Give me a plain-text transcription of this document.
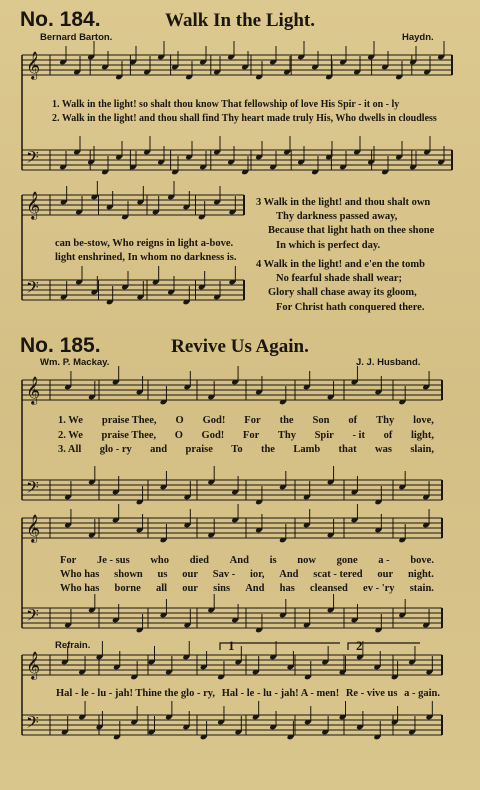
𝄞
𝄢
𝄞
𝄢
𝄞
𝄢
𝄞
𝄢
𝄞
𝄢
No. 184.	Walk In the Light.
Bernard Barton.	Haydn.
1. Walk in the light! so shalt thou know That fellowship of love His Spir - it on - ly
2. Walk in the light! and thou shall find Thy heart made truly His, Who dwells in cloudless
can be-stow, Who reigns in light a-bove.
light enshrined, In whom no darkness is.
3 Walk in the light! and thou shalt own
Thy darkness passed away,
Because that light hath on thee shone
In which is perfect day.
4 Walk in the light! and e'en the tomb
No fearful shade shall wear;
Glory shall chase away its gloom,
For Christ hath conquered there.
No. 185.	Revive Us Again.
Wm. P. Mackay.	J. J. Husband.
1. We praise Thee, O God! For the Son of Thy love,
2. We praise Thee, O God! For Thy Spir - it of light,
3. All glo - ry and praise To the Lamb that was slain,
For Je - sus who died And is now gone a - bove.
Who has shown us our Sav - ior, And scat - tered our night.
Who has borne all our sins And has cleansed ev - 'ry stain.
Refrain.	1	2
Hal - le - lu - jah! Thine the glo - ry, Hal - le - lu - jah! A - men! Re - vive us a - gain.
